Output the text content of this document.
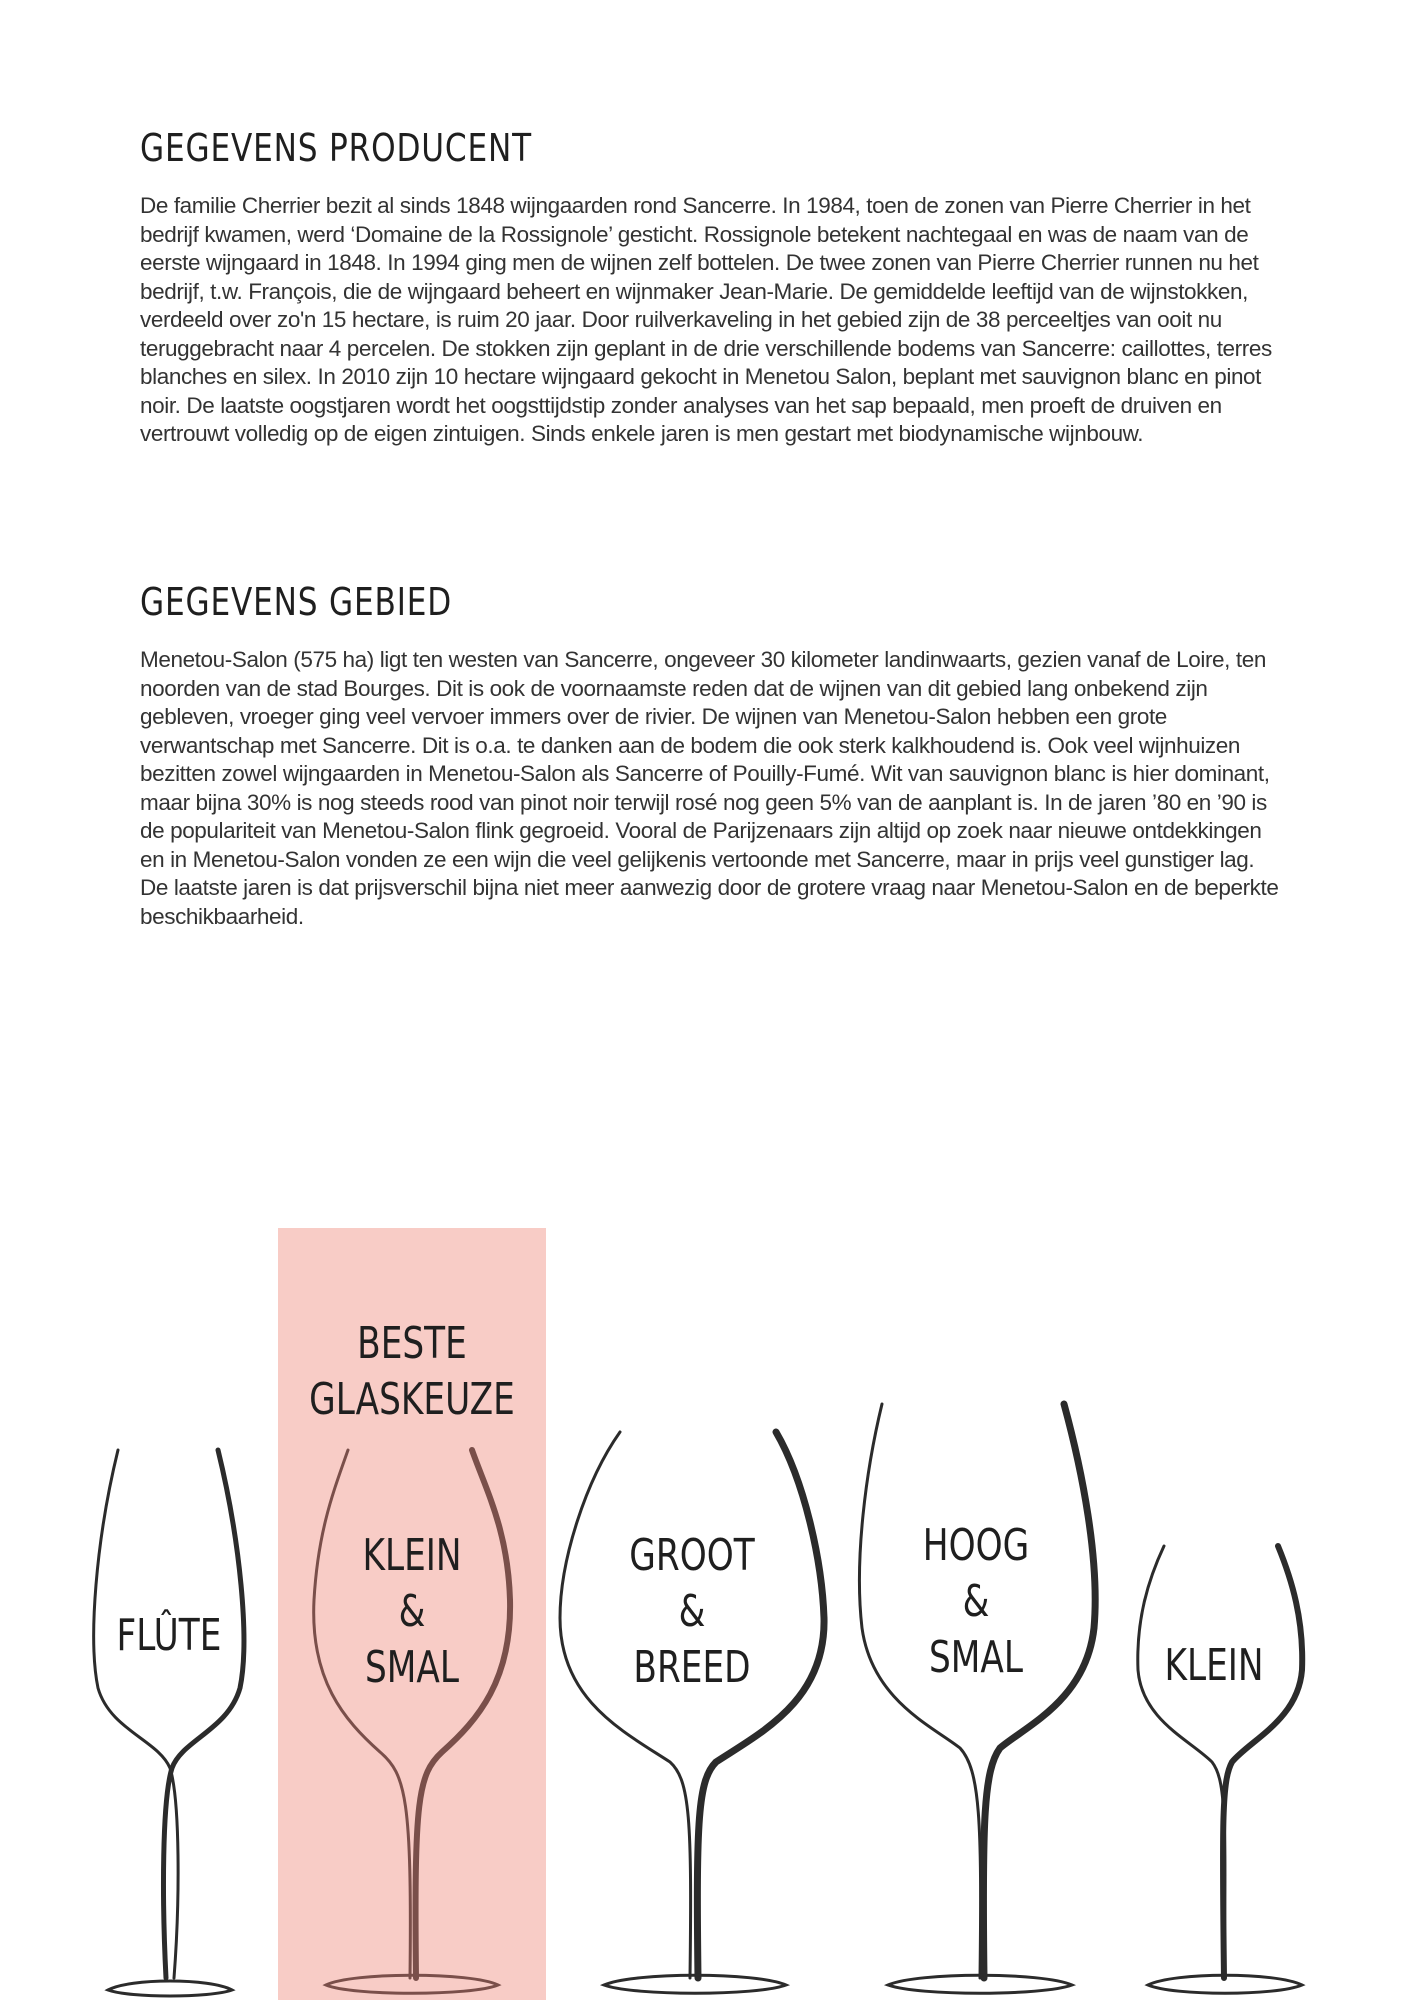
GEGEVENS PRODUCENT

De familie Cherrier bezit al sinds 1848 wijngaarden rond Sancerre. In 1984, toen de zonen van Pierre Cherrier in het bedrijf kwamen, werd ‘Domaine de la Rossignole’ gesticht. Rossignole betekent nachtegaal en was de naam van de eerste wijngaard in 1848. In 1994 ging men de wijnen zelf bottelen. De twee zonen van Pierre Cherrier runnen nu het bedrijf, t.w. François, die de wijngaard beheert en wijnmaker Jean-Marie. De gemiddelde leeftijd van de wijnstokken, verdeeld over zo'n 15 hectare, is ruim 20 jaar. Door ruilverkaveling in het gebied zijn de 38 perceeltjes van ooit nu teruggebracht naar 4 percelen. De stokken zijn geplant in de drie verschillende bodems van Sancerre: caillottes, terres blanches en silex. In 2010 zijn 10 hectare wijngaard gekocht in Menetou Salon, beplant met sauvignon blanc en pinot noir. De laatste oogstjaren wordt het oogsttijdstip zonder analyses van het sap bepaald, men proeft de druiven en vertrouwt volledig op de eigen zintuigen. Sinds enkele jaren is men gestart met biodynamische wijnbouw.

GEGEVENS GEBIED

Menetou-Salon (575 ha) ligt ten westen van Sancerre, ongeveer 30 kilometer landinwaarts, gezien vanaf de Loire, ten noorden van de stad Bourges. Dit is ook de voornaamste reden dat de wijnen van dit gebied lang onbekend zijn gebleven, vroeger ging veel vervoer immers over de rivier. De wijnen van Menetou-Salon hebben een grote verwantschap met Sancerre. Dit is o.a. te danken aan de bodem die ook sterk kalkhoudend is. Ook veel wijnhuizen bezitten zowel wijngaarden in Menetou-Salon als Sancerre of Pouilly-Fumé. Wit van sauvignon blanc is hier dominant, maar bijna 30% is nog steeds rood van pinot noir terwijl rosé nog geen 5% van de aanplant is. In de jaren ’80 en ’90 is de populariteit van Menetou-Salon flink gegroeid. Vooral de Parijzenaars zijn altijd op zoek naar nieuwe ontdekkingen en in Menetou-Salon vonden ze een wijn die veel gelijkenis vertoonde met Sancerre, maar in prijs veel gunstiger lag. De laatste jaren is dat prijsverschil bijna niet meer aanwezig door de grotere vraag naar Menetou-Salon en de beperkte beschikbaarheid.

BESTE
GLASKEUZE
FLÛTE
KLEIN
&
SMAL
GROOT
&
BREED
HOOG
&
SMAL	KLEIN
